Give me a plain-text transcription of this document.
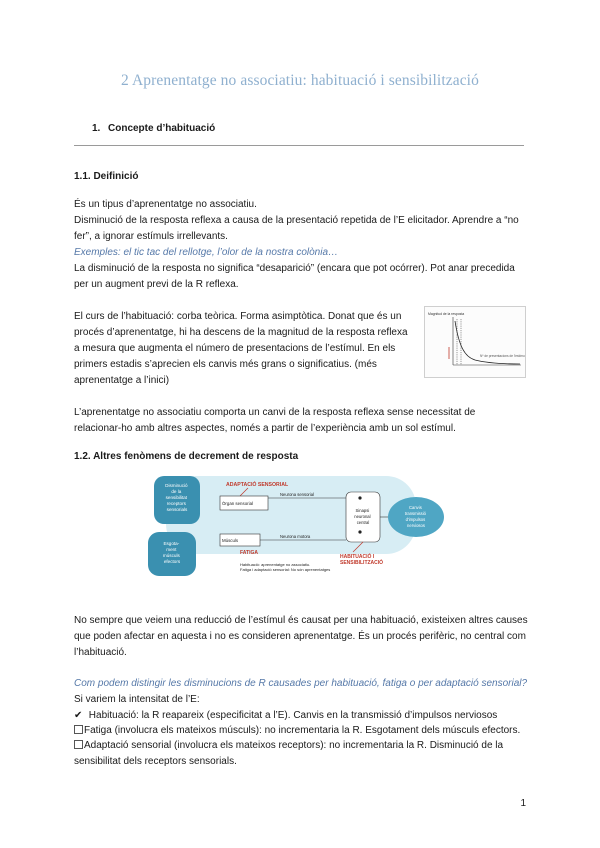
2 Aprenentatge no associatiu: habituació i sensibilització
1. Concepte d’habituació
1.1. Deifinició
És un tipus d’aprenentatge no associatiu.
Disminució de la resposta reflexa a causa de la presentació repetida de l’E elicitador. Aprendre a “no
fer”, a ignorar estímuls irrellevants.
Exemples: el tic tac del rellotge, l’olor de la nostra colònia…
La disminució de la resposta no significa “desaparició” (encara que pot ocórrer). Pot anar precedida
per un augment previ de la R reflexa.
El curs de l’habituació: corba teòrica. Forma asimptòtica. Donat que és un
procés d’aprenentatge, hi ha descens de la magnitud de la resposta reflexa
a mesura que augmenta el número de presentacions de l’estímul. En els
primers estadis s’aprecien els canvis més grans o significatius. (més
aprenentatge a l’inici)
Magnitud de la resposta
Nº de presentacions de l'estímul
L’aprenentatge no associatiu comporta un canvi de la resposta reflexa sense necessitat de
relacionar-ho amb altres aspectes, només a partir de l’experiència amb un sol estímul.
1.2. Altres fenòmens de decrement de resposta
Disminució de la sensibilitat receptors sensorials
Esgota- ment músculs efectors
ADAPTACIÓ SENSORIAL
Òrgan sensorial
Neurona sensorial
Sinapsi neuronal central
Canvis transmissió d'impulsos nerviosos
Neurona motora
Músculs
FATIGA
HABITUACIÓ I SENSIBILITZACIÓ
Habituació: aprenentatge no associatiu. Fatiga i adaptació sensorial: No són aprenentatges
No sempre que veiem una reducció de l’estímul és causat per una habituació, existeixen altres causes
que poden afectar en aquesta i no es consideren aprenentatge. És un procés perifèric, no central com
l’habituació.
Com podem distingir les disminucions de R causades per habituació, fatiga o per adaptació sensorial?
Si variem la intensitat de l’E:
✔ Habituació: la R reapareix (especificitat a l’E). Canvis en la transmissió d’impulsos nerviosos
Fatiga (involucra els mateixos músculs): no incrementaria la R. Esgotament dels músculs efectors.
Adaptació sensorial (involucra els mateixos receptors): no incrementaria la R. Disminució de la
sensibilitat dels receptors sensorials.
1
